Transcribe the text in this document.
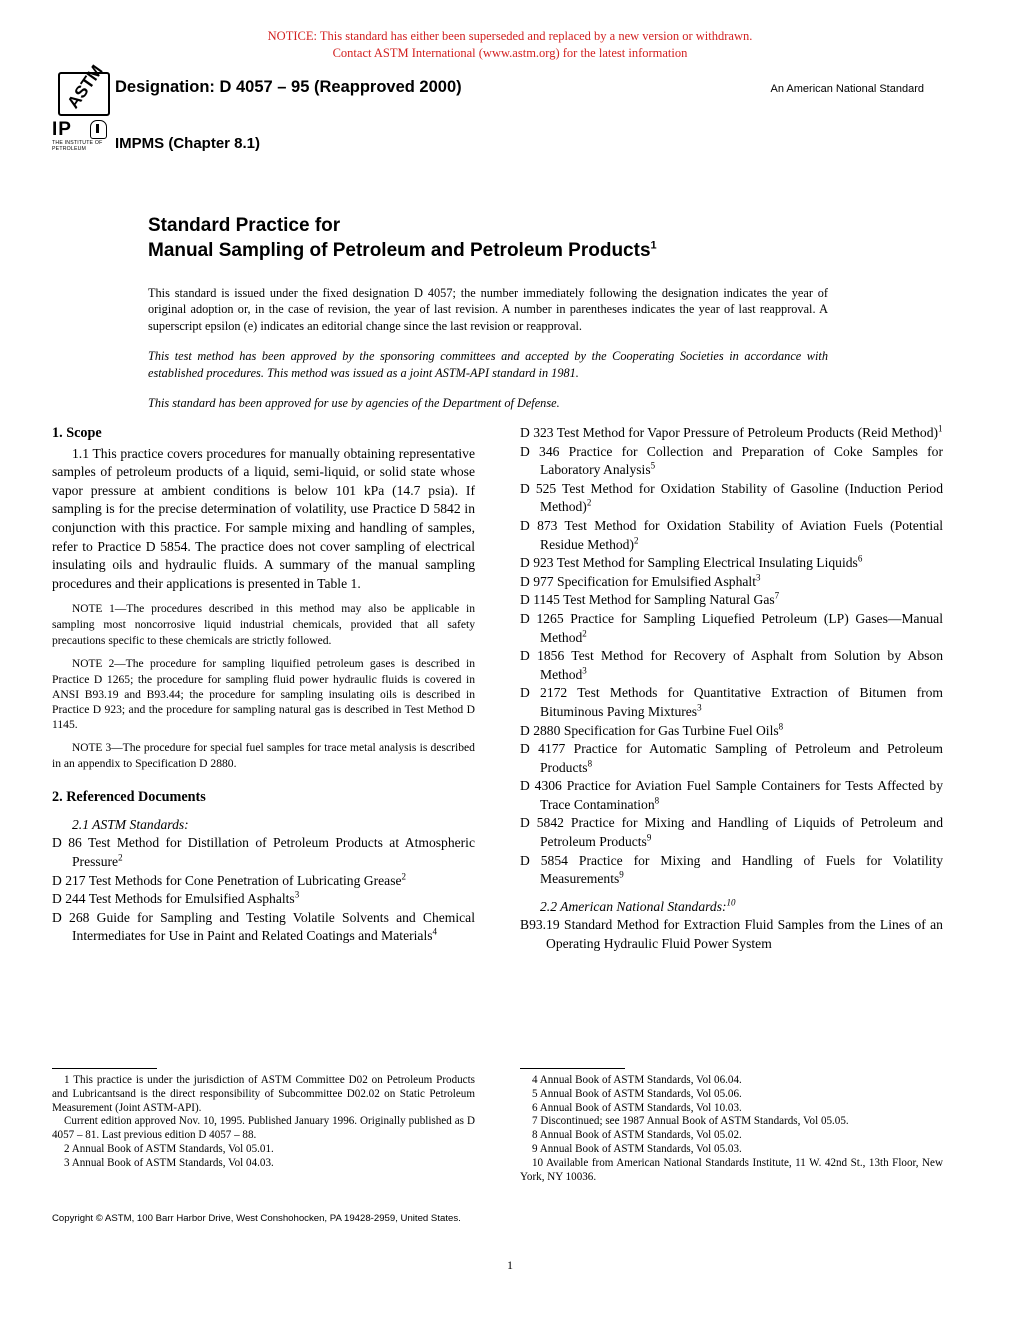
NOTICE: This standard has either been superseded and replaced by a new version or withdrawn.
Contact ASTM International (www.astm.org) for the latest information
ASTM Designation: D 4057 – 95 (Reapproved 2000)	An American National Standard
IP
THE INSTITUTE OF PETROLEUM	IMPMS (Chapter 8.1)
Standard Practice for
Manual Sampling of Petroleum and Petroleum Products$^1$
This standard is issued under the fixed designation D 4057; the number immediately following the designation indicates the year of original adoption or, in the case of revision, the year of last revision. A number in parentheses indicates the year of last reapproval. A superscript epsilon (e) indicates an editorial change since the last revision or reapproval.
This test method has been approved by the sponsoring committees and accepted by the Cooperating Societies in accordance with established procedures. This method was issued as a joint ASTM-API standard in 1981.
This standard has been approved for use by agencies of the Department of Defense.
1. Scope

1.1 This practice covers procedures for manually obtaining representative samples of petroleum products of a liquid, semi-liquid, or solid state whose vapor pressure at ambient conditions is below 101 kPa (14.7 psia). If sampling is for the precise determination of volatility, use Practice D 5842 in conjunction with this practice. For sample mixing and handling of samples, refer to Practice D 5854. The practice does not cover sampling of electrical insulating oils and hydraulic fluids. A summary of the manual sampling procedures and their applications is presented in Table 1.

NOTE 1—The procedures described in this method may also be applicable in sampling most noncorrosive liquid industrial chemicals, provided that all safety precautions specific to these chemicals are strictly followed.

NOTE 2—The procedure for sampling liquified petroleum gases is described in Practice D 1265; the procedure for sampling fluid power hydraulic fluids is covered in ANSI B93.19 and B93.44; the procedure for sampling insulating oils is described in Practice D 923; and the procedure for sampling natural gas is described in Test Method D 1145.

NOTE 3—The procedure for special fuel samples for trace metal analysis is described in an appendix to Specification D 2880.

2. Referenced Documents

2.1 ASTM Standards:

D 86 Test Method for Distillation of Petroleum Products at Atmospheric Pressure$^2$
D 217 Test Methods for Cone Penetration of Lubricating Grease$^2$
D 244 Test Methods for Emulsified Asphalts$^3$
D 268 Guide for Sampling and Testing Volatile Solvents and Chemical Intermediates for Use in Paint and Related Coatings and Materials$^4$
D 323 Test Method for Vapor Pressure of Petroleum Products (Reid Method)$^1$
D 346 Practice for Collection and Preparation of Coke Samples for Laboratory Analysis$^5$
D 525 Test Method for Oxidation Stability of Gasoline (Induction Period Method)$^2$
D 873 Test Method for Oxidation Stability of Aviation Fuels (Potential Residue Method)$^2$
D 923 Test Method for Sampling Electrical Insulating Liquids$^6$
D 977 Specification for Emulsified Asphalt$^3$
D 1145 Test Method for Sampling Natural Gas$^7$
D 1265 Practice for Sampling Liquefied Petroleum (LP) Gases—Manual Method$^2$
D 1856 Test Method for Recovery of Asphalt from Solution by Abson Method$^3$
D 2172 Test Methods for Quantitative Extraction of Bitumen from Bituminous Paving Mixtures$^3$
D 2880 Specification for Gas Turbine Fuel Oils$^8$
D 4177 Practice for Automatic Sampling of Petroleum and Petroleum Products$^8$
D 4306 Practice for Aviation Fuel Sample Containers for Tests Affected by Trace Contamination$^8$
D 5842 Practice for Mixing and Handling of Liquids of Petroleum and Petroleum Products$^9$
D 5854 Practice for Mixing and Handling of Fuels for Volatility Measurements$^9$

2.2 American National Standards:$^{10}$

B93.19 Standard Method for Extraction Fluid Samples from the Lines of an Operating Hydraulic Fluid Power System

1 This practice is under the jurisdiction of ASTM Committee D02 on Petroleum Products and Lubricantsand is the direct responsibility of Subcommittee D02.02 on Static Petroleum Measurement (Joint ASTM-API).

Current edition approved Nov. 10, 1995. Published January 1996. Originally published as D 4057 – 81. Last previous edition D 4057 – 88.

2 Annual Book of ASTM Standards, Vol 05.01.

3 Annual Book of ASTM Standards, Vol 04.03.

4 Annual Book of ASTM Standards, Vol 06.04.

5 Annual Book of ASTM Standards, Vol 05.06.

6 Annual Book of ASTM Standards, Vol 10.03.

7 Discontinued; see 1987 Annual Book of ASTM Standards, Vol 05.05.

8 Annual Book of ASTM Standards, Vol 05.02.

9 Annual Book of ASTM Standards, Vol 05.03.

10 Available from American National Standards Institute, 11 W. 42nd St., 13th Floor, New York, NY 10036.

Copyright © ASTM, 100 Barr Harbor Drive, West Conshohocken, PA 19428-2959, United States.
1
